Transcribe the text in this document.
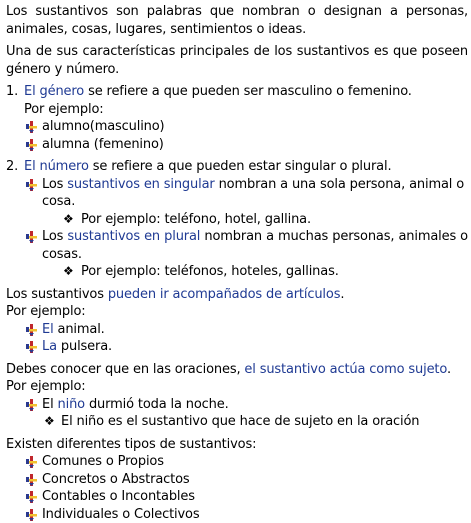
Los sustantivos son palabras que nombran o designan a personas, animales, cosas, lugares, sentimientos o ideas.

Una de sus características principales de los sustantivos es que poseen género y número.

1. El género se refiere a que pueden ser masculino o femenino.

Por ejemplo:

alumno(masculino)
alumna (femenino)

2. El número se refiere a que pueden estar singular o plural.

Los sustantivos en singular nombran a una sola persona, animal o cosa.
❖ Por ejemplo: teléfono, hotel, gallina.
Los sustantivos en plural nombran a muchas personas, animales o cosas.
❖ Por ejemplo: teléfonos, hoteles, gallinas.

Los sustantivos pueden ir acompañados de artículos.

Por ejemplo:

El animal.
La pulsera.

Debes conocer que en las oraciones, el sustantivo actúa como sujeto.

Por ejemplo:

El niño durmió toda la noche.
❖ El niño es el sustantivo que hace de sujeto en la oración

Existen diferentes tipos de sustantivos:

Comunes o Propios
Concretos o Abstractos
Contables o Incontables
Individuales o Colectivos
